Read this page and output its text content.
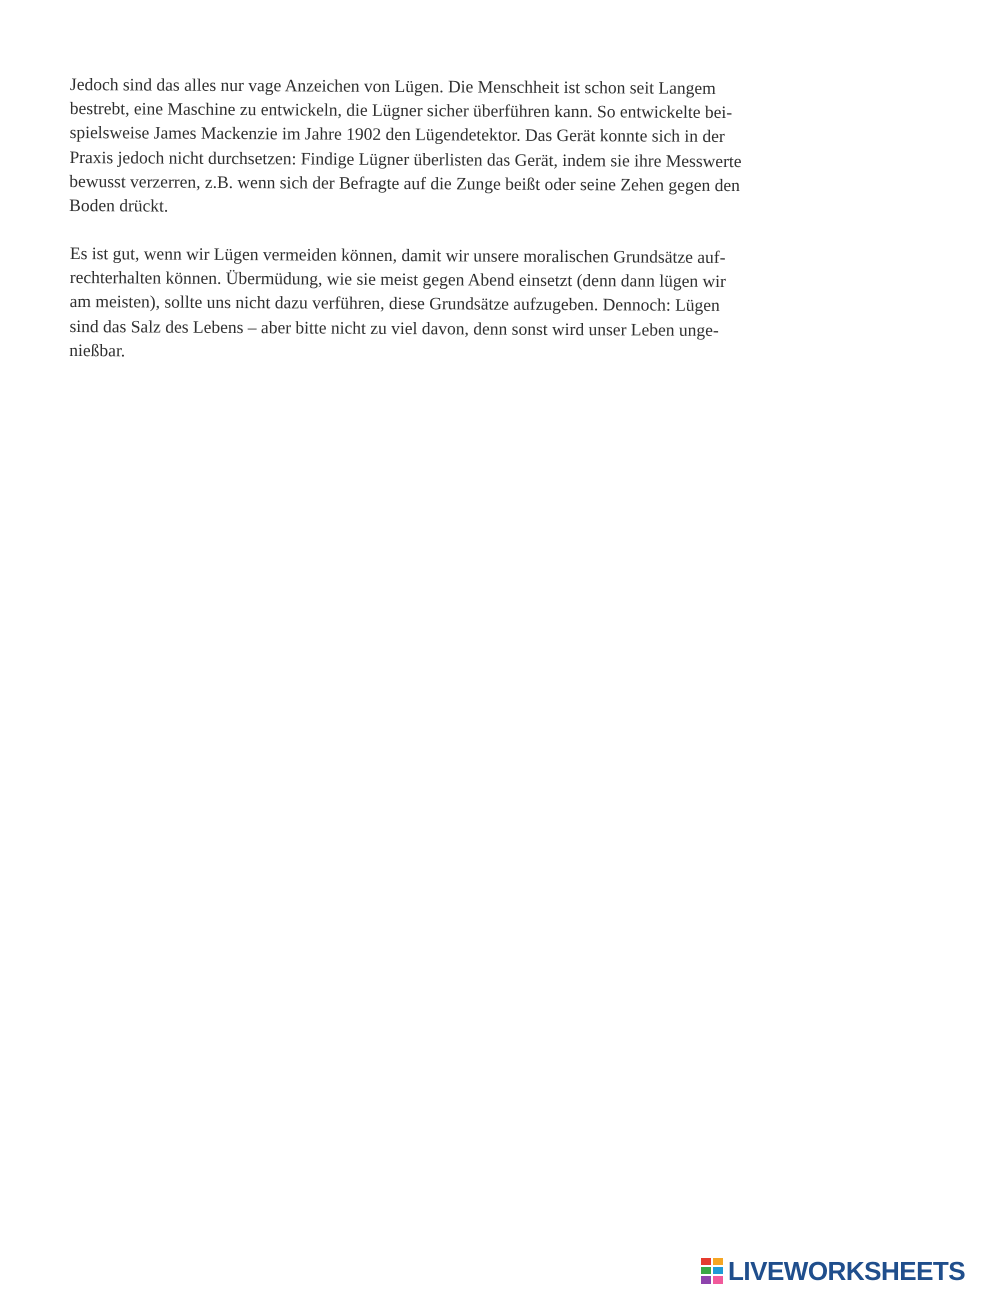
Jedoch sind das alles nur vage Anzeichen von Lügen. Die Menschheit ist schon seit Langem
bestrebt, eine Maschine zu entwickeln, die Lügner sicher überführen kann. So entwickelte bei-
spielsweise James Mackenzie im Jahre 1902 den Lügendetektor. Das Gerät konnte sich in der
Praxis jedoch nicht durchsetzen: Findige Lügner überlisten das Gerät, indem sie ihre Messwerte
bewusst verzerren, z.B. wenn sich der Befragte auf die Zunge beißt oder seine Zehen gegen den
Boden drückt.

Es ist gut, wenn wir Lügen vermeiden können, damit wir unsere moralischen Grundsätze auf-
rechterhalten können. Übermüdung, wie sie meist gegen Abend einsetzt (denn dann lügen wir
am meisten), sollte uns nicht dazu verführen, diese Grundsätze aufzugeben. Dennoch: Lügen
sind das Salz des Lebens – aber bitte nicht zu viel davon, denn sonst wird unser Leben unge-
nießbar.

LIVEWORKSHEETS
